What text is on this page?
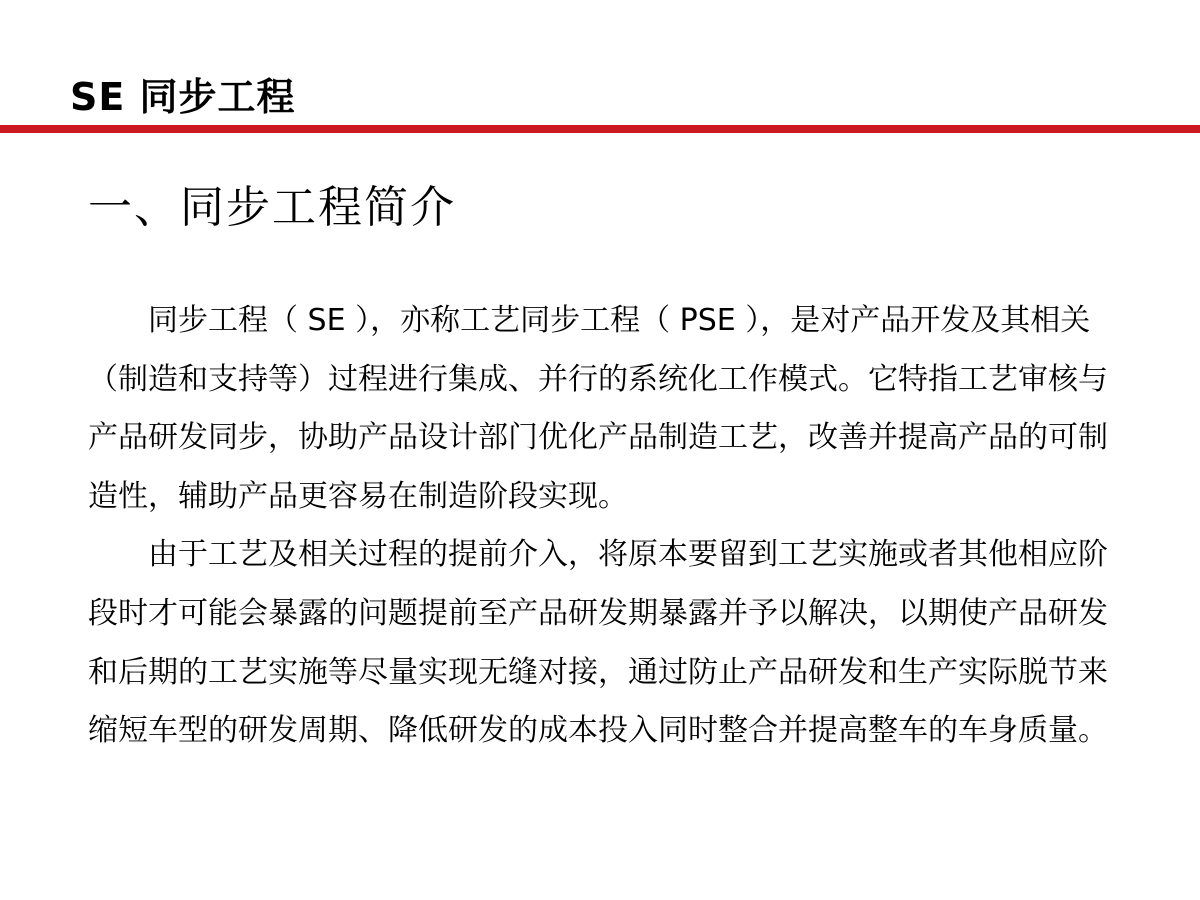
SE 同步工程
一、同步工程简介

同步工程（ SE ），亦称工艺同步工程（ PSE ），是对产品开发及其相关（制造和支持等）过程进行集成、并行的系统化工作模式。它特指工艺审核与产品研发同步，协助产品设计部门优化产品制造工艺，改善并提高产品的可制造性，辅助产品更容易在制造阶段实现。

由于工艺及相关过程的提前介入，将原本要留到工艺实施或者其他相应阶段时才可能会暴露的问题提前至产品研发期暴露并予以解决，以期使产品研发和后期的工艺实施等尽量实现无缝对接，通过防止产品研发和生产实际脱节来缩短车型的研发周期、降低研发的成本投入同时整合并提高整车的车身质量。
